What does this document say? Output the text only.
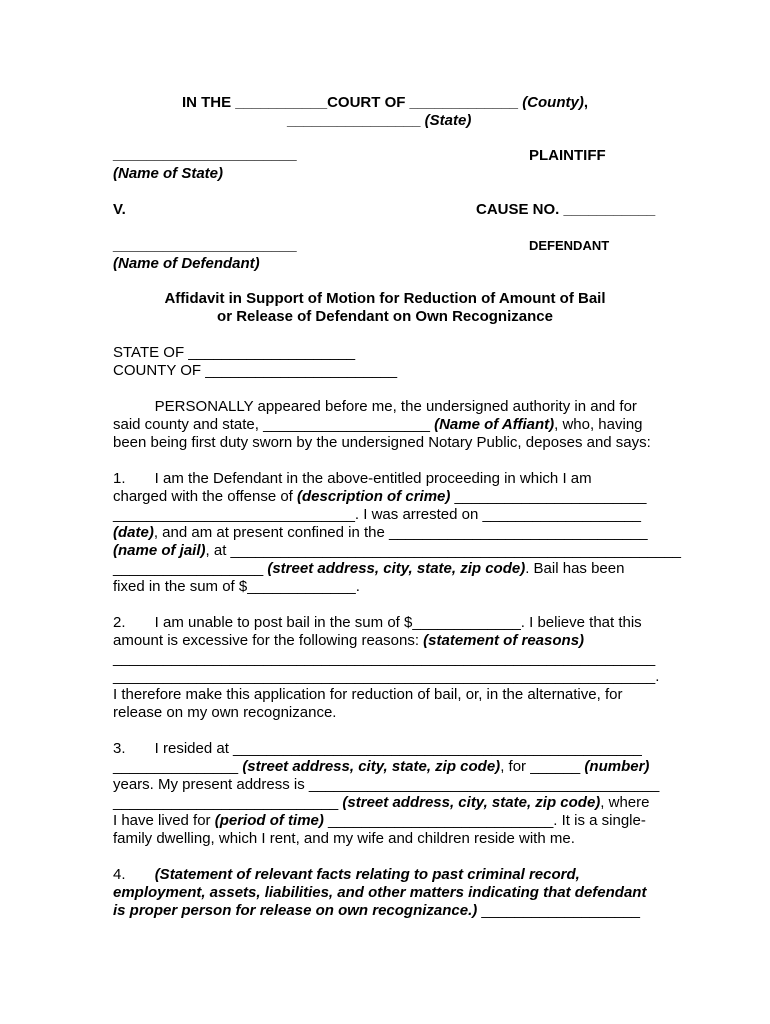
IN THE ___________COURT OF _____________ (County),
________________ (State)
______________________	PLAINTIFF
(Name of State)
V.	CAUSE NO. ___________
______________________	DEFENDANT
(Name of Defendant)
Affidavit in Support of Motion for Reduction of Amount of Bail
or Release of Defendant on Own Recognizance
STATE OF ____________________
COUNTY OF _______________________
PERSONALLY appeared before me, the undersigned authority in and for
said county and state, ____________________ (Name of Affiant), who, having
been being first duty sworn by the undersigned Notary Public, deposes and says:
1.       I am the Defendant in the above-entitled proceeding in which I am
charged with the offense of (description of crime) _______________________
_____________________________. I was arrested on ___________________
(date), and am at present confined in the _______________________________
(name of jail), at ______________________________________________________
__________________ (street address, city, state, zip code). Bail has been
fixed in the sum of $_____________.
2.       I am unable to post bail in the sum of $_____________. I believe that this
amount is excessive for the following reasons: (statement of reasons)
_________________________________________________________________
_________________________________________________________________.
I therefore make this application for reduction of bail, or, in the alternative, for
release on my own recognizance.
3.       I resided at _________________________________________________
_______________ (street address, city, state, zip code), for ______ (number)
years. My present address is __________________________________________
___________________________ (street address, city, state, zip code), where
I have lived for (period of time) ___________________________. It is a single-
family dwelling, which I rent, and my wife and children reside with me.
4.       (Statement of relevant facts relating to past criminal record,
employment, assets, liabilities, and other matters indicating that defendant
is proper person for release on own recognizance.) ___________________
